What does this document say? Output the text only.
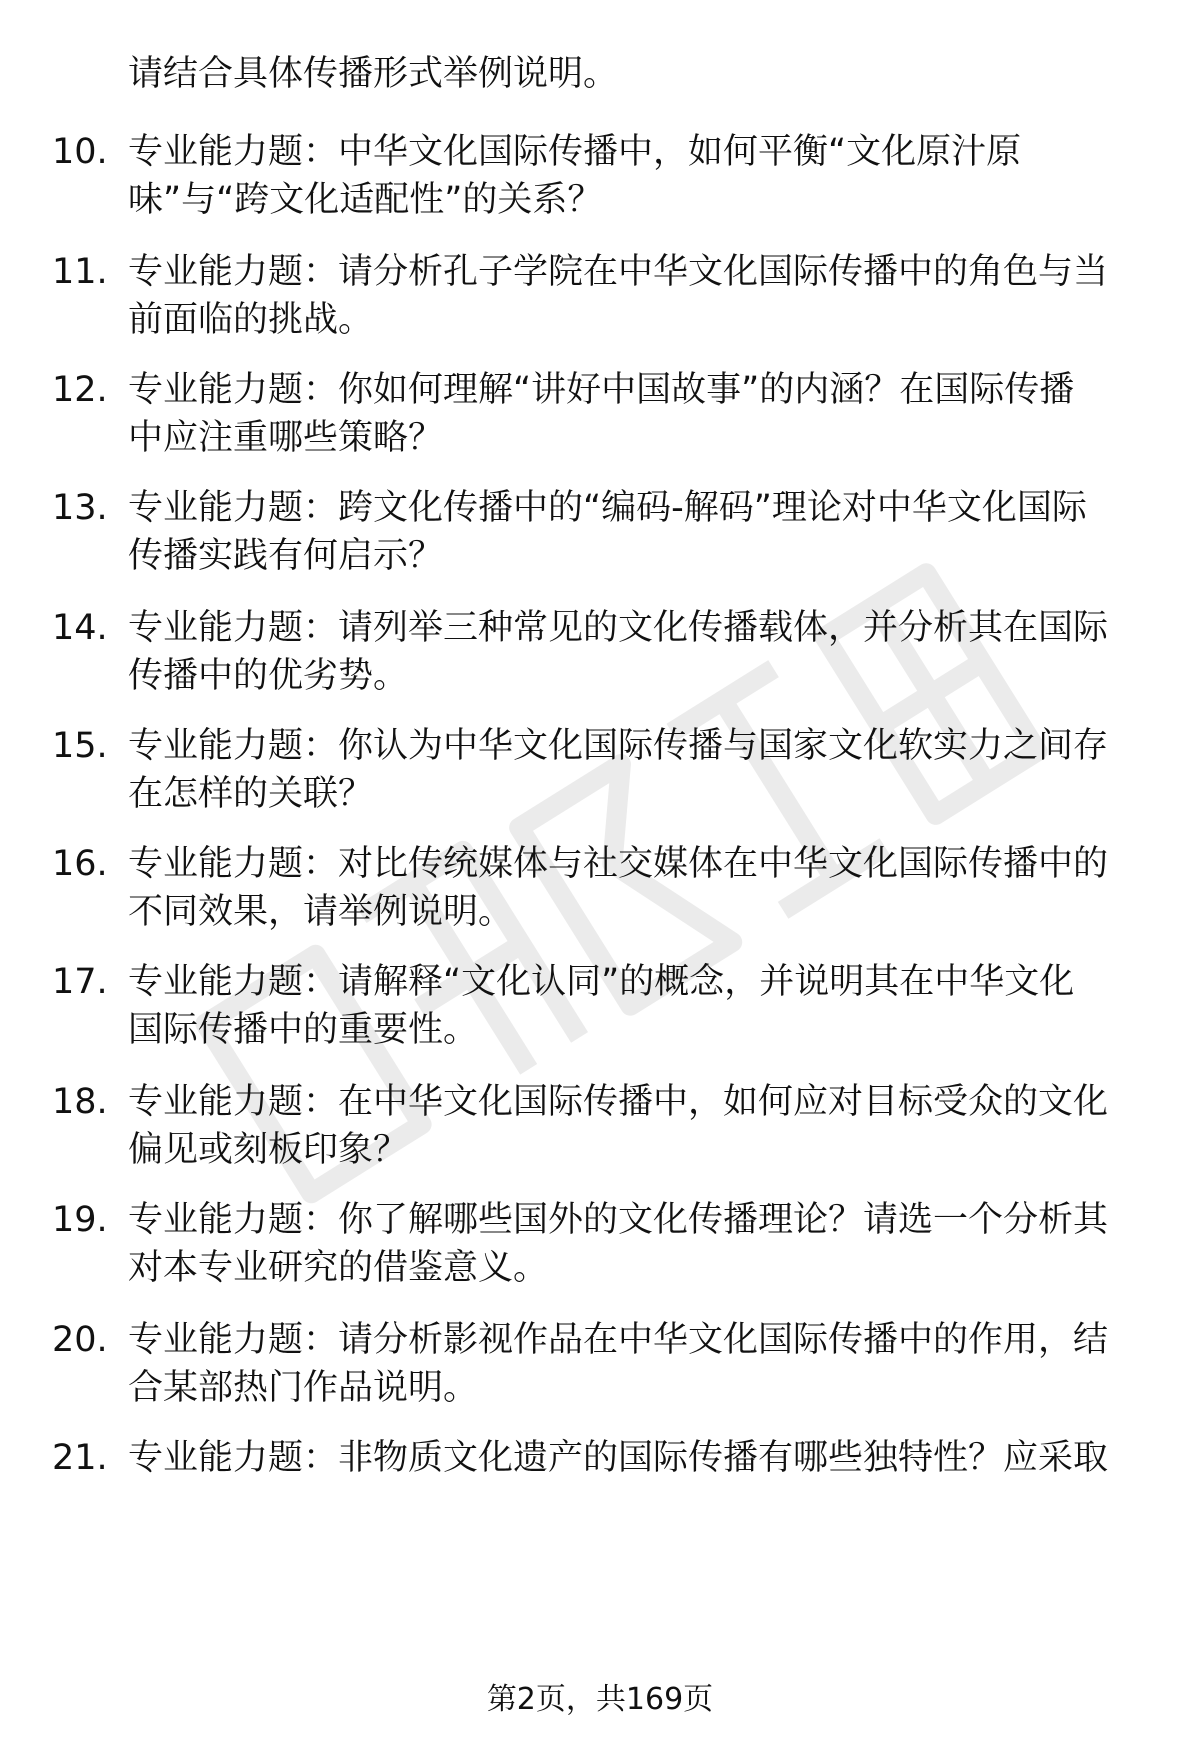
请结合具体传播形式举例说明。
10. 专业能力题：中华文化国际传播中，如何平衡“文化原汁原
味”与“跨文化适配性”的关系？
11. 专业能力题：请分析孔子学院在中华文化国际传播中的角色与当
前面临的挑战。
12. 专业能力题：你如何理解“讲好中国故事”的内涵？在国际传播
中应注重哪些策略？
13. 专业能力题：跨文化传播中的“编码-解码”理论对中华文化国际
传播实践有何启示？
14. 专业能力题：请列举三种常见的文化传播载体，并分析其在国际
传播中的优劣势。
15. 专业能力题：你认为中华文化国际传播与国家文化软实力之间存
在怎样的关联？
16. 专业能力题：对比传统媒体与社交媒体在中华文化国际传播中的
不同效果，请举例说明。
17. 专业能力题：请解释“文化认同”的概念，并说明其在中华文化
国际传播中的重要性。
18. 专业能力题：在中华文化国际传播中，如何应对目标受众的文化
偏见或刻板印象？
19. 专业能力题：你了解哪些国外的文化传播理论？请选一个分析其
对本专业研究的借鉴意义。
20. 专业能力题：请分析影视作品在中华文化国际传播中的作用，结
合某部热门作品说明。
21. 专业能力题：非物质文化遗产的国际传播有哪些独特性？应采取
第2页，共169页
